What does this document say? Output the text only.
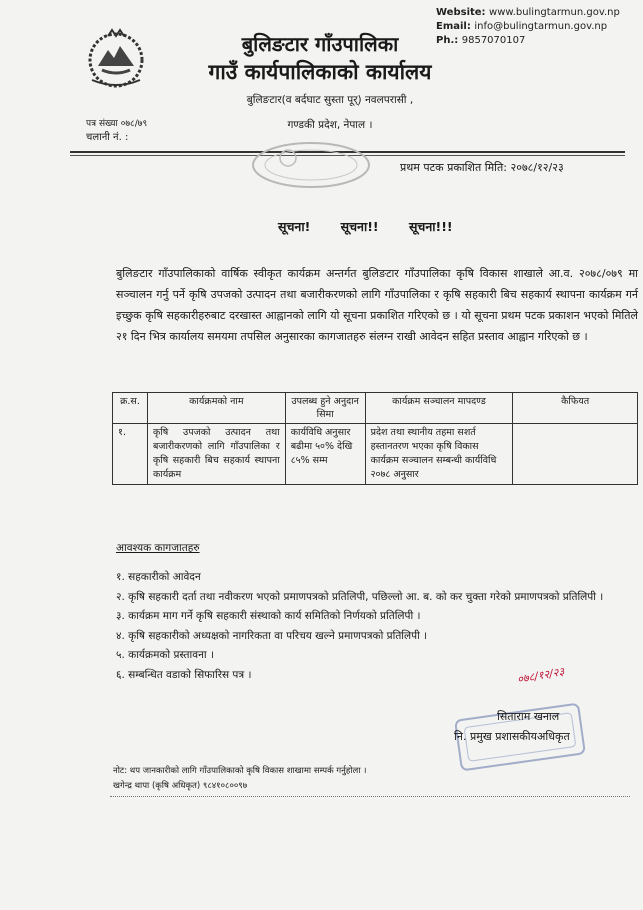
Website: www.bulingtarmun.gov.np
Email: info@bulingtarmun.gov.np
Ph.: 9857070107
बुलिङटार गाँउपालिका
गाउँ कार्यपालिकाको कार्यालय
बुलिङटार(व बर्दघाट सुस्ता पूर्) नवलपरासी ,
गण्डकी प्रदेश, नेपाल ।
पत्र संख्या ०७८/७९
चलानी नं. :
प्रथम पटक प्रकाशित मिति: २०७८/१२/२३
सूचना! सूचना!! सूचना!!!
बुलिङटार गाँउपालिकाको वार्षिक स्वीकृत कार्यक्रम अन्तर्गत बुलिङटार गाँउपालिका कृषि विकास शाखाले आ.व. २०७८/०७९ मा सञ्चालन गर्नु पर्ने कृषि उपजको उत्पादन तथा बजारीकरणको लागि गाँउपालिका र कृषि सहकारी बिच सहकार्य स्थापना कार्यक्रम गर्न इच्छुक कृषि सहकारीहरुबाट दरखास्त आह्वानको लागि यो सूचना प्रकाशित गरिएको छ । यो सूचना प्रथम पटक प्रकाशन भएको मितिले २१ दिन भित्र कार्यालय समयमा तपसिल अनुसारका कागजातहरु संलग्न राखी आवेदन सहित प्रस्ताव आह्वान गरिएको छ ।
क्र.स.	कार्यक्रमको नाम	उपलब्ध हुने अनुदान सिमा	कार्यक्रम सञ्चालन मापदण्ड	कैफियत
१.	कृषि उपजको उत्पादन तथा बजारीकरणको लागि गाँउपालिका र कृषि सहकारी बिच सहकार्य स्थापना कार्यक्रम	कार्यविधि अनुसार बढीमा ५०% देखि ८५% सम्म	प्रदेश तथा स्थानीय तहमा सशर्त हस्तानतरण भएका कृषि विकास कार्यक्रम सञ्चालन सम्बन्धी कार्यविधि २०७८ अनुसार	
आवश्यक कागजातहरु

१. सहकारीको आवेदन

२. कृषि सहकारी दर्ता तथा नवीकरण भएको प्रमाणपत्रको प्रतिलिपी, पछिल्लो आ. ब. को कर चुक्ता गरेको प्रमाणपत्रको प्रतिलिपी ।

३. कार्यक्रम माग गर्ने कृषि सहकारी संस्थाको कार्य समितिको निर्णयको प्रतिलिपी ।

४. कृषि सहकारीको अध्यक्षको नागरिकता वा परिचय खल्ने प्रमाणपत्रको प्रतिलिपी ।

५. कार्यक्रमको प्रस्तावना ।

६. सम्बन्धित वडाको सिफारिस पत्र ।	०७८/१२/२३
सिताराम खनाल
नि. प्रमुख प्रशासकीयअधिकृत
नोट: थप जानकारीको लागि गाँउपालिकाको कृषि विकास शाखामा सम्पर्क गर्नुहोला ।
खगेन्द्र थापा (कृषि अधिकृत) ९८४१०८००९७
